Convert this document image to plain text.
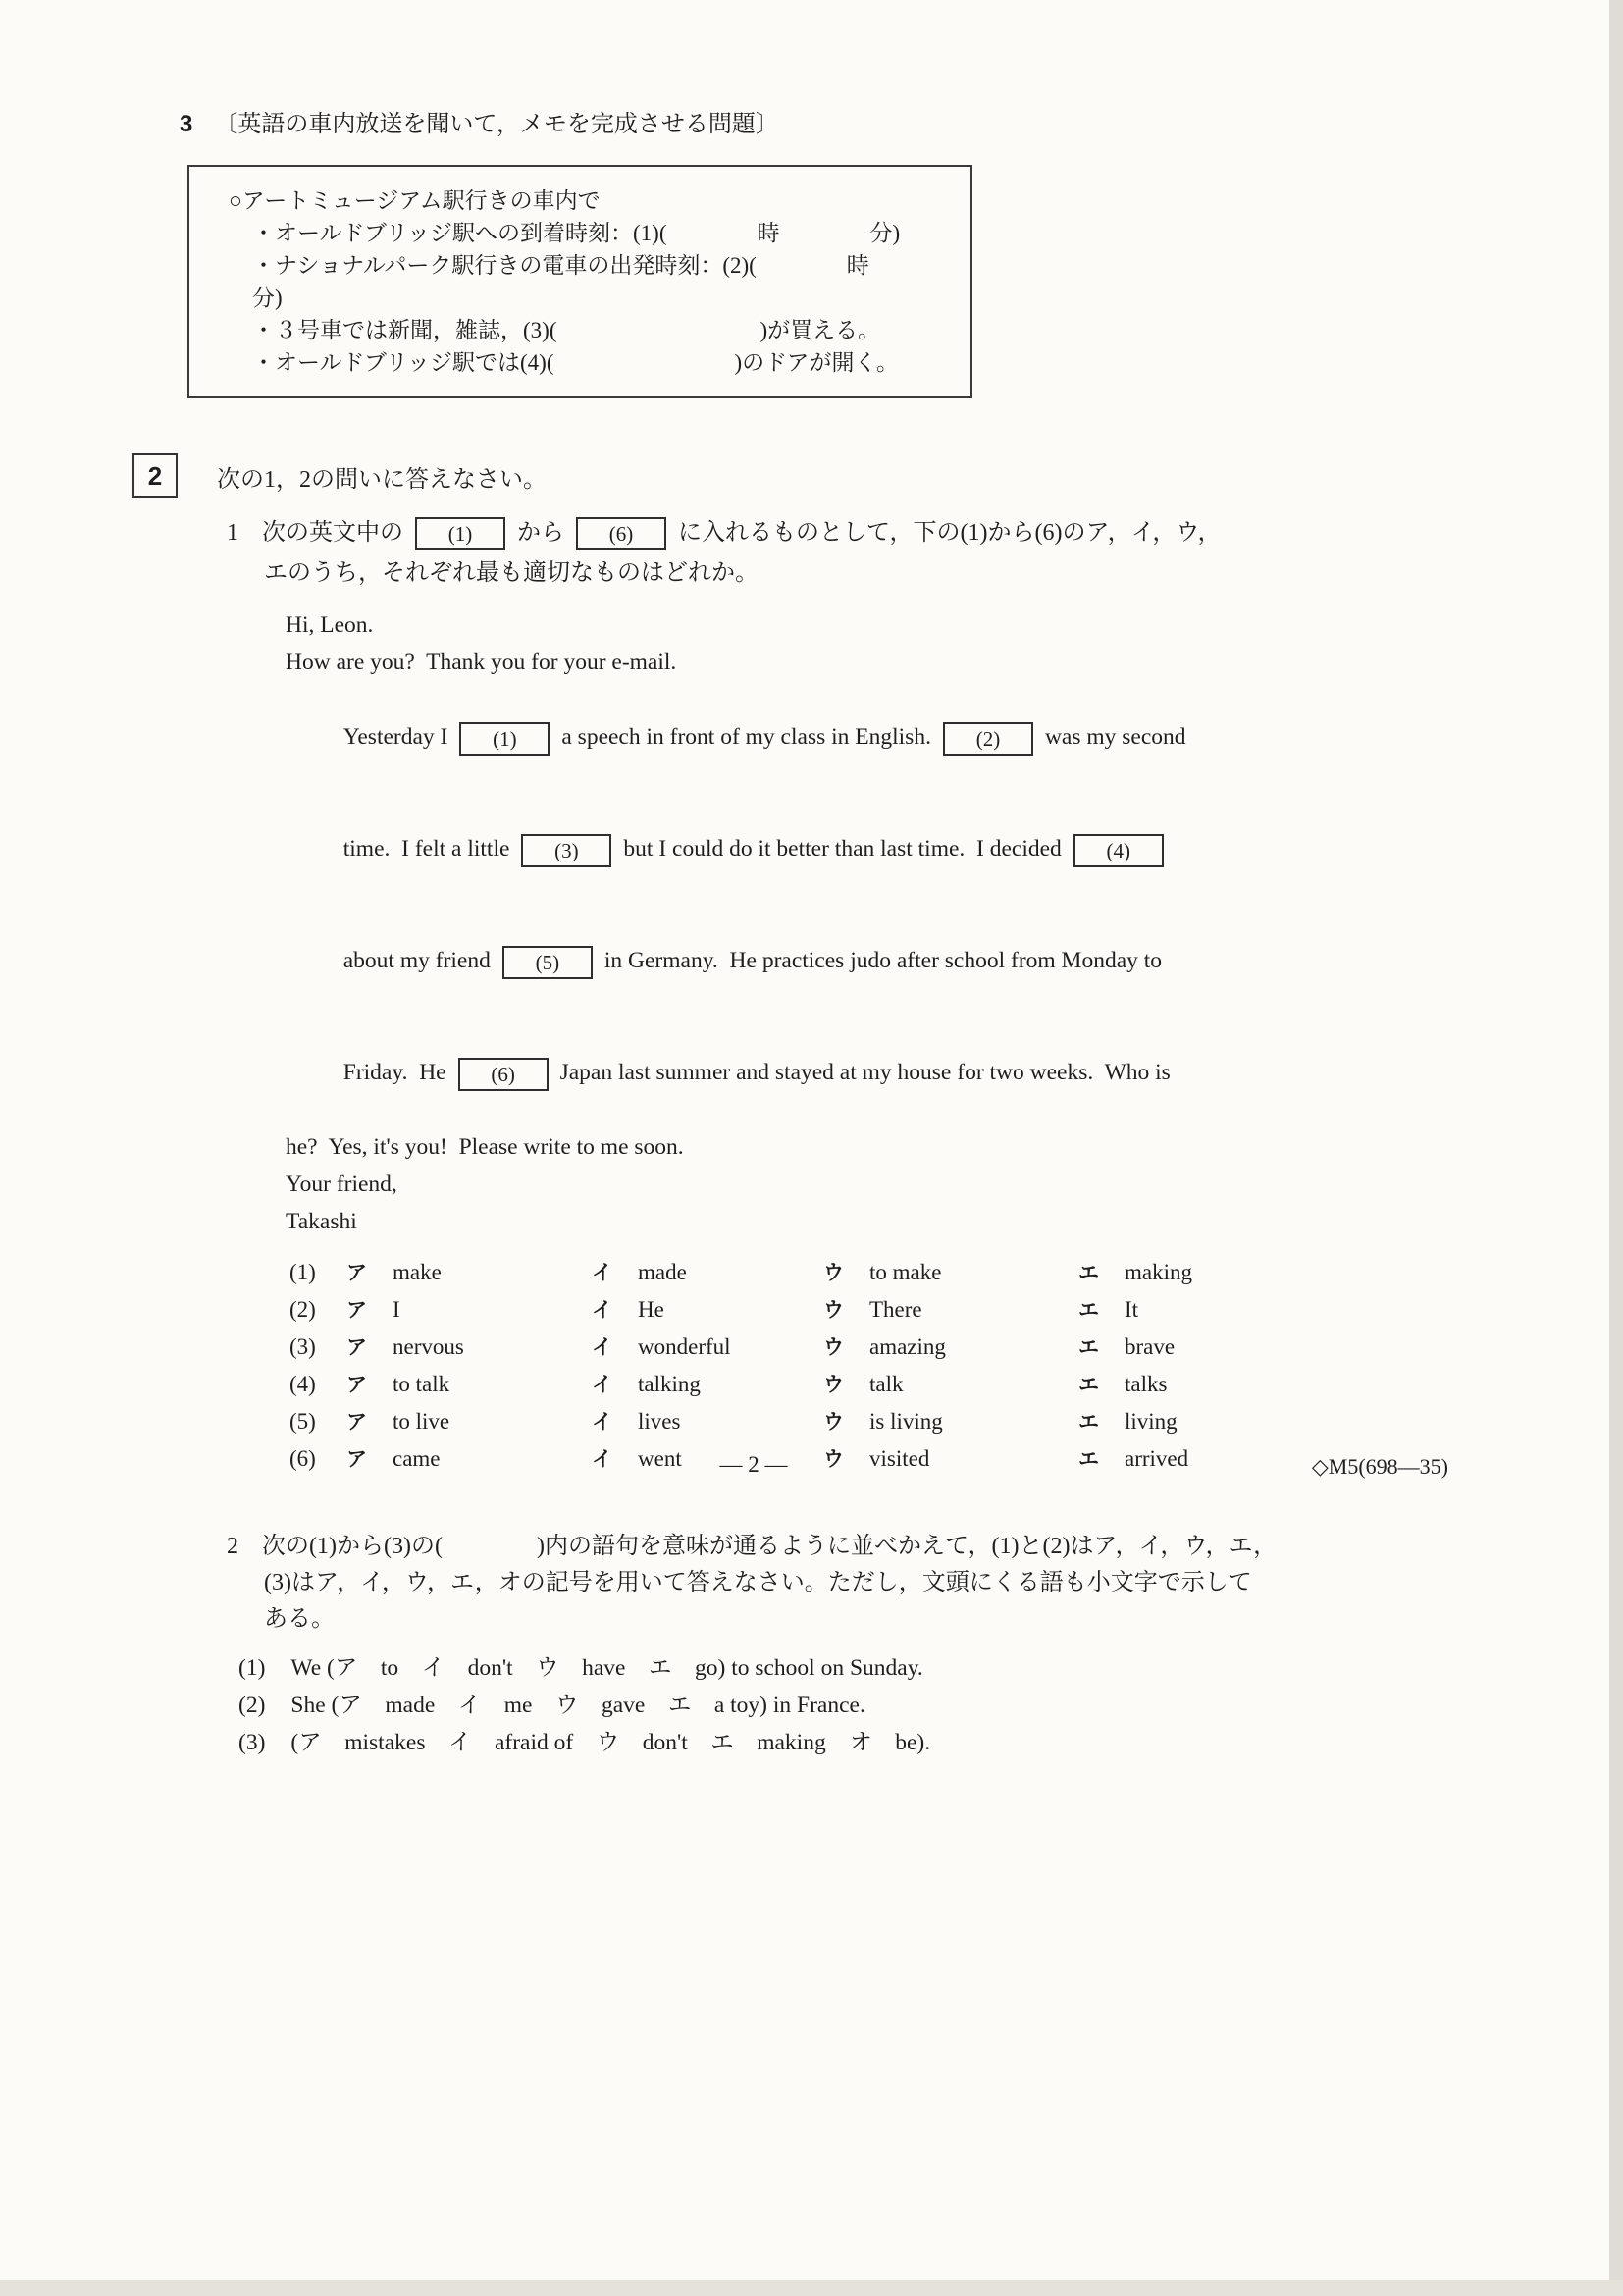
3 〔英語の車内放送を聞いて，メモを完成させる問題〕
○アートミュージアム駅行きの車内で
・オールドブリッジ駅への到着時刻：(1)(　　　　時　　　　分)
・ナショナルパーク駅行きの電車の出発時刻：(2)(　　　　時　　　　分)
・３号車では新聞，雑誌，(3)(　　　　　　　　　)が買える。
・オールドブリッジ駅では(4)(　　　　　　　　)のドアが開く。
2	次の1，2の問いに答えなさい。
1　次の英文中の (1) から (6) に入れるものとして，下の(1)から(6)のア，イ，ウ，
エのうち，それぞれ最も適切なものはどれか。
Hi, Leon.
How are you?  Thank you for your e-mail.

Yesterday I (1) a speech in front of my class in English. (2) was my second

time.  I felt a little (3) but I could do it better than last time.  I decided (4)

about my friend (5) in Germany.  He practices judo after school from Monday to

Friday.  He (6) Japan last summer and stayed at my house for two weeks.  Who is

he?  Yes, it's you!  Please write to me soon.
Your friend,
Takashi
(1)	ア make	イ made	ウ to make	エ making
(2)	ア I	イ He	ウ There	エ It
(3)	ア nervous	イ wonderful	ウ amazing	エ brave
(4)	ア to talk	イ talking	ウ talk	エ talks
(5)	ア to live	イ lives	ウ is living	エ living
(6)	ア came	イ went	ウ visited	エ arrived
2　次の(1)から(3)の(　　　　)内の語句を意味が通るように並べかえて，(1)と(2)はア，イ，ウ，エ，
(3)はア，イ，ウ，エ，オの記号を用いて答えなさい。ただし，文頭にくる語も小文字で示して
ある。
(1) We (ア　to　イ　don't　ウ　have　エ　go) to school on Sunday.
(2) She (ア　made　イ　me　ウ　gave　エ　a toy) in France.
(3) (ア　mistakes　イ　afraid of　ウ　don't　エ　making　オ　be).
— 2 —	◇M5(698—35)
